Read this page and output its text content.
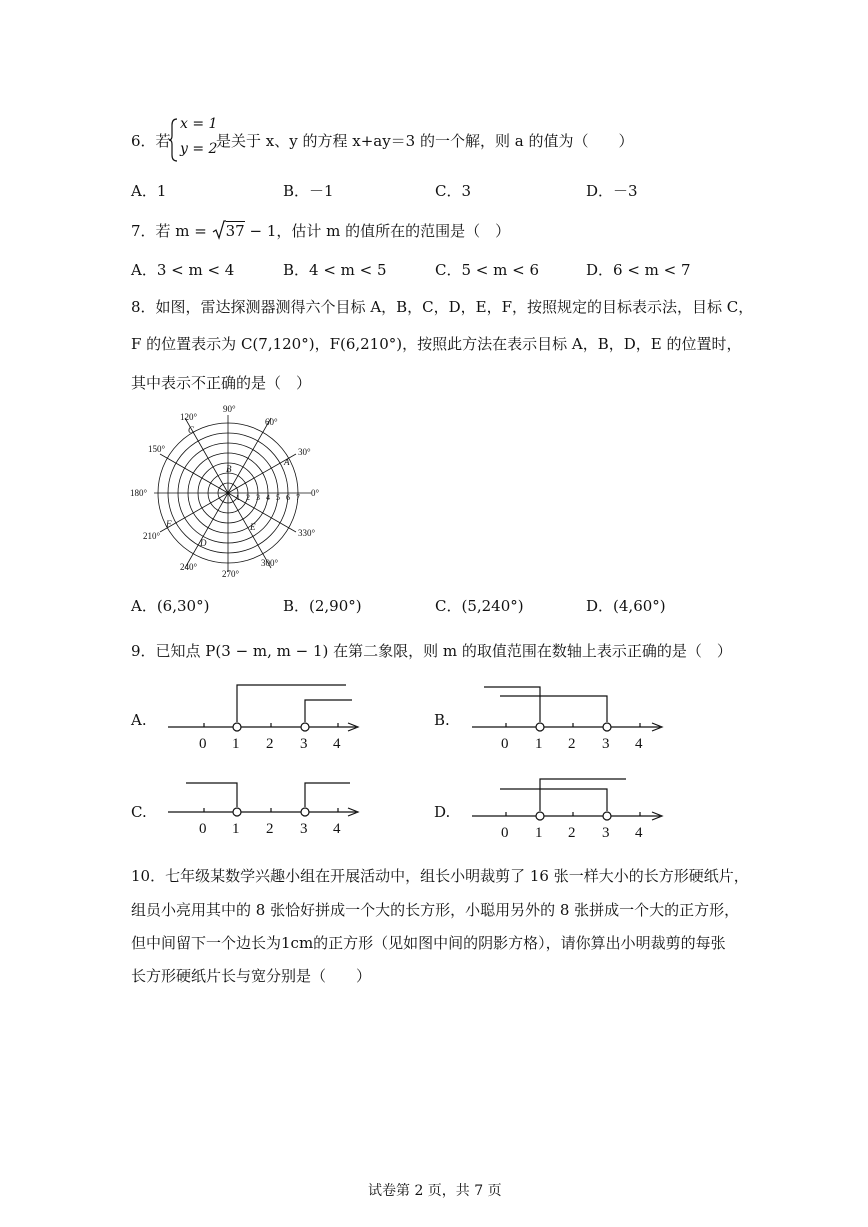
6．若
x = 1
y = 2
是关于 x、y 的方程 x+ay＝3 的一个解，则 a 的值为（　　）
A．1	B．－1	C．3	D．－3
7．若 m = 37 − 1，估计 m 的值所在的范围是（　）
A．3 < m < 4	B．4 < m < 5	C．5 < m < 6	D．6 < m < 7
8．如图，雷达探测器测得六个目标 A，B，C，D，E，F，按照规定的目标表示法，目标 C，
F 的位置表示为 C(7,120°)，F(6,210°)，按照此方法在表示目标 A，B，D，E 的位置时，
其中表示不正确的是（　）
90°
60°
30°
0°
330°
300°
270°
240°
210°
180°
150°
120°
1 2 3 4 5 6 7
A
B
C
D
E
F
A．(6,30°)	B．(2,90°)	C．(5,240°)	D．(4,60°)
9．已知点 P(3 − m, m − 1) 在第二象限，则 m 的取值范围在数轴上表示正确的是（　）
A.	B.
C.	D.
0 1 2 3 4	0 1 2 3 4
0 1 2 3 4	0 1 2 3 4
10．七年级某数学兴趣小组在开展活动中，组长小明裁剪了 16 张一样大小的长方形硬纸片，
组员小亮用其中的 8 张恰好拼成一个大的长方形，小聪用另外的 8 张拼成一个大的正方形，
但中间留下一个边长为1cm的正方形（见如图中间的阴影方格），请你算出小明裁剪的每张
长方形硬纸片长与宽分别是（　　）
试卷第 2 页，共 7 页
